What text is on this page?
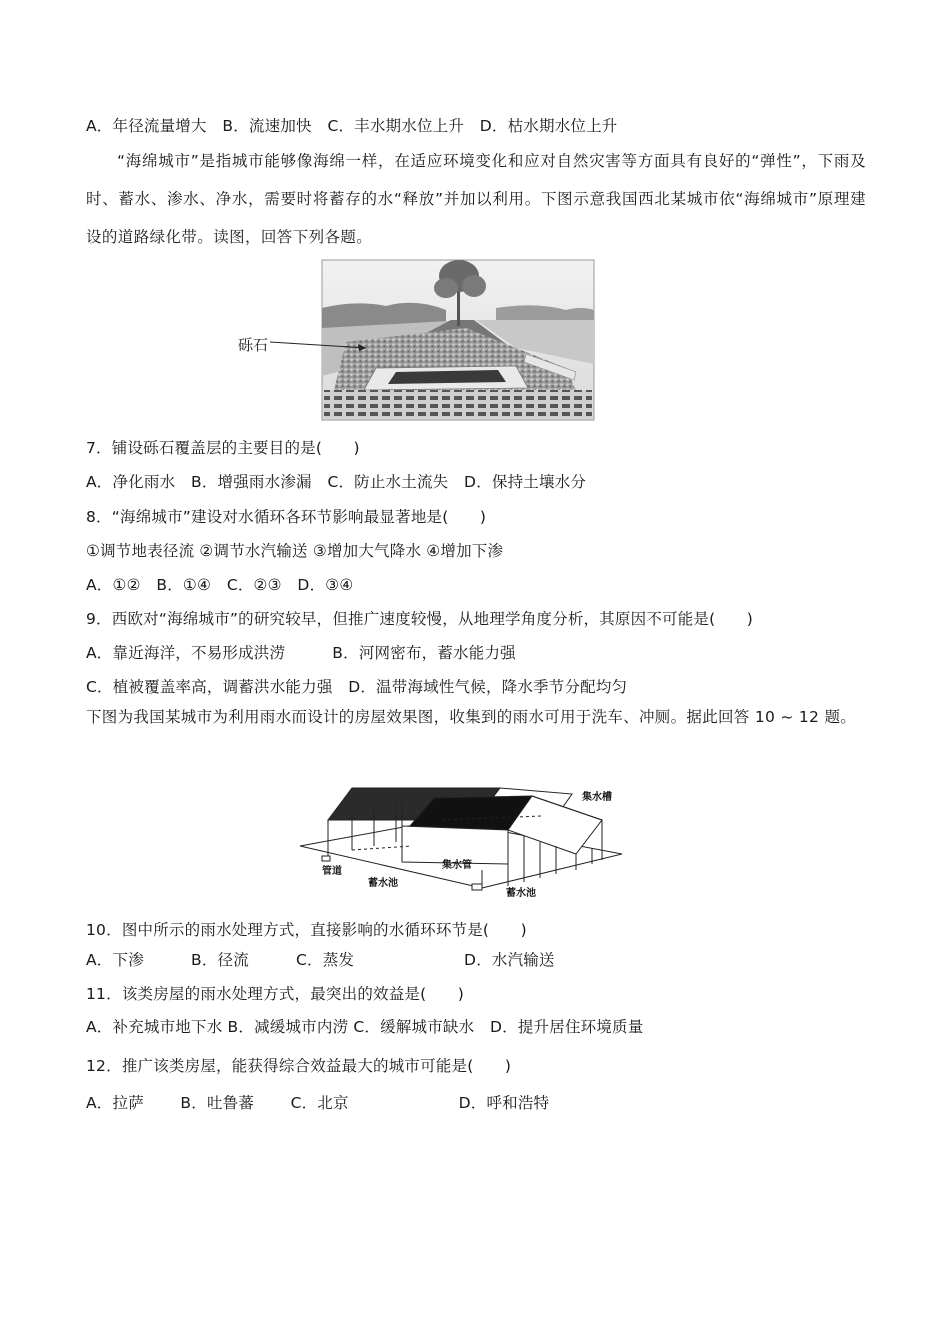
A．年径流量增大　B．流速加快　C．丰水期水位上升　D．枯水期水位上升
“海绵城市”是指城市能够像海绵一样，在适应环境变化和应对自然灾害等方面具有良好的“弹性”，下雨及时、蓄水、渗水、净水，需要时将蓄存的水“释放”并加以利用。下图示意我国西北某城市依“海绵城市”原理建设的道路绿化带。读图，回答下列各题。
砾石
7．铺设砾石覆盖层的主要目的是(　　)
A．净化雨水　B．增强雨水渗漏　C．防止水土流失　D．保持土壤水分
8．“海绵城市”建设对水循环各环节影响最显著地是(　　)
①调节地表径流 ②调节水汽输送 ③增加大气降水 ④增加下渗
A．①②　B．①④　C．②③　D．③④
9．西欧对“海绵城市”的研究较早，但推广速度较慢，从地理学角度分析，其原因不可能是(　　)
A．靠近海洋，不易形成洪涝　　　B．河网密布，蓄水能力强
C．植被覆盖率高，调蓄洪水能力强　D．温带海域性气候，降水季节分配均匀
下图为我国某城市为利用雨水而设计的房屋效果图，收集到的雨水可用于洗车、冲厕。据此回答 10 ~ 12 题。
集水槽
集水管
管道
蓄水池
蓄水池
10．图中所示的雨水处理方式，直接影响的水循环环节是(　　)
A．下渗　　　B．径流　　　C．蒸发　　　　　　　D．水汽输送
11．该类房屋的雨水处理方式，最突出的效益是(　　)
A．补充城市地下水 B．减缓城市内涝 C．缓解城市缺水　D．提升居住环境质量
12．推广该类房屋，能获得综合效益最大的城市可能是(　　)
A．拉萨　　 B．吐鲁蕃　　 C．北京　　　　　　　D．呼和浩特
